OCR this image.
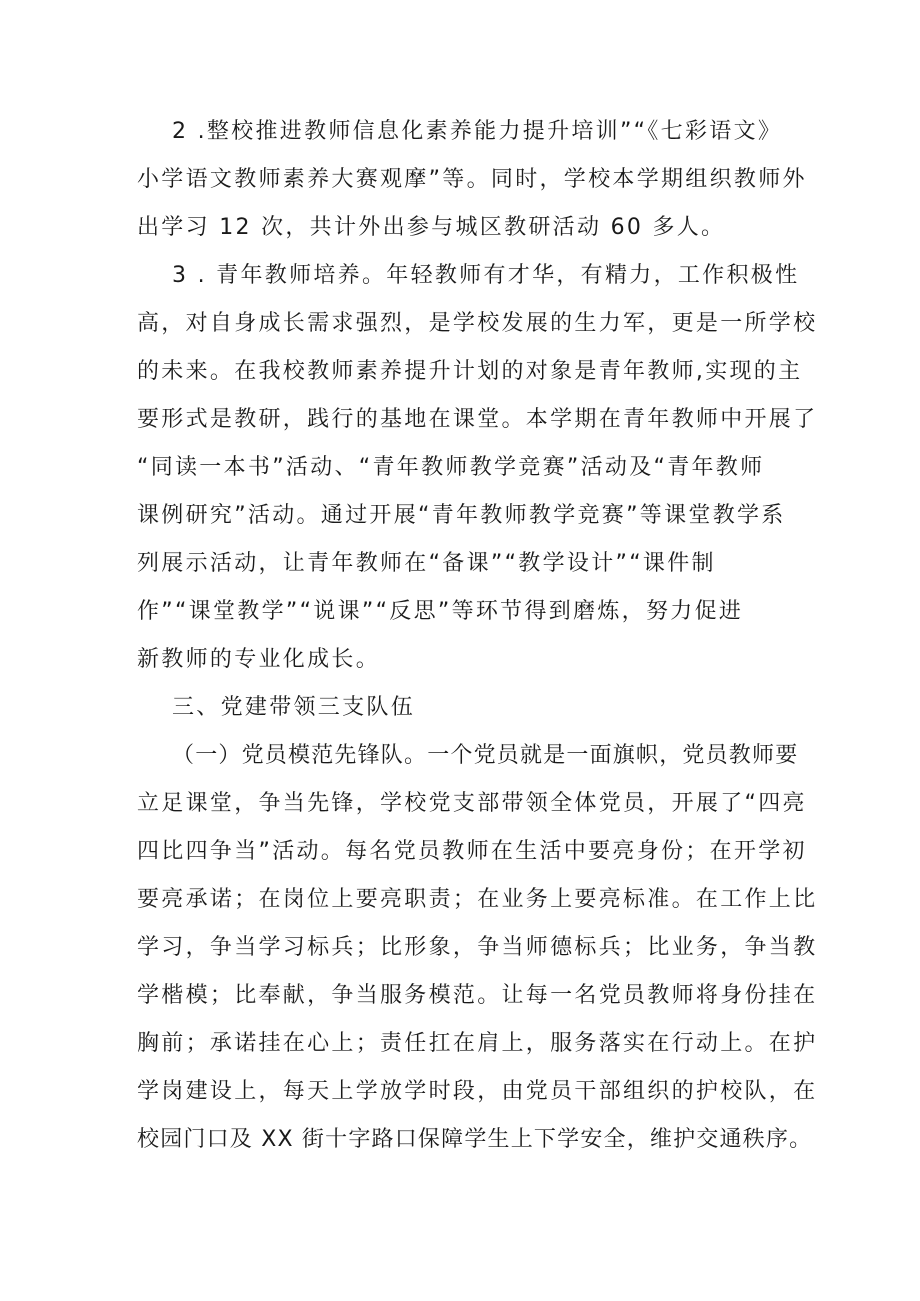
2 .整校推进教师信息化素养能力提升培训”“《七彩语文》
小学语文教师素养大赛观摩”等。同时，学校本学期组织教师外
出学习 12 次，共计外出参与城区教研活动 60 多人。
3 . 青年教师培养。年轻教师有才华，有精力，工作积极性
高，对自身成长需求强烈，是学校发展的生力军，更是一所学校
的未来。在我校教师素养提升计划的对象是青年教师,实现的主
要形式是教研，践行的基地在课堂。本学期在青年教师中开展了
“同读一本书”活动、“青年教师教学竞赛”活动及“青年教师
课例研究”活动。通过开展“青年教师教学竞赛”等课堂教学系
列展示活动，让青年教师在“备课”“教学设计”“课件制
作”“课堂教学”“说课”“反思”等环节得到磨炼，努力促进
新教师的专业化成长。
三、党建带领三支队伍
（一）党员模范先锋队。一个党员就是一面旗帜，党员教师要
立足课堂，争当先锋，学校党支部带领全体党员，开展了“四亮
四比四争当”活动。每名党员教师在生活中要亮身份；在开学初
要亮承诺；在岗位上要亮职责；在业务上要亮标准。在工作上比
学习，争当学习标兵；比形象，争当师德标兵；比业务，争当教
学楷模；比奉献，争当服务模范。让每一名党员教师将身份挂在
胸前；承诺挂在心上；责任扛在肩上，服务落实在行动上。在护
学岗建设上，每天上学放学时段，由党员干部组织的护校队，在
校园门口及 XX 街十字路口保障学生上下学安全，维护交通秩序。
